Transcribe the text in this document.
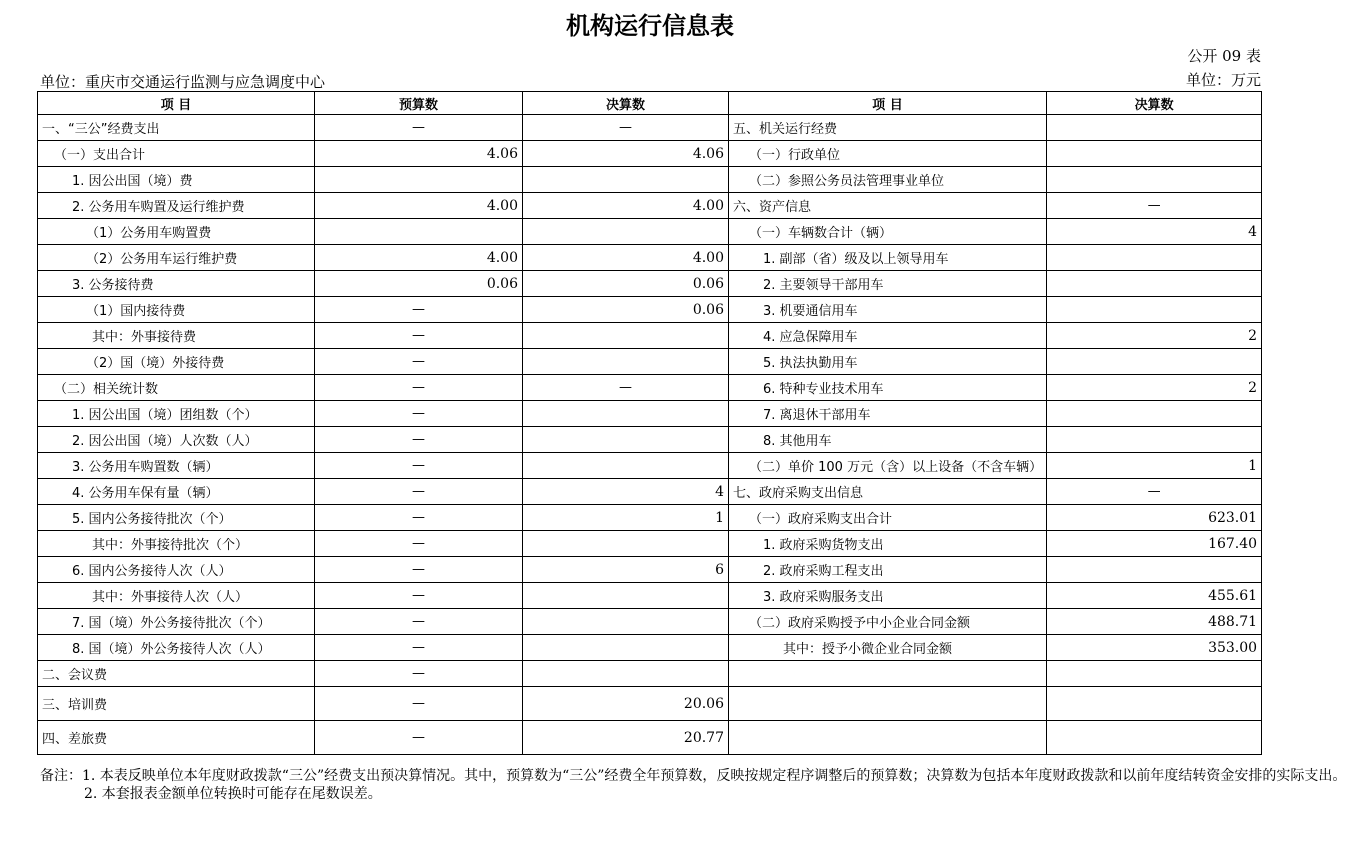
机构运行信息表
公开 09 表
单位：重庆市交通运行监测与应急调度中心	单位：万元
项 目	预算数	决算数	项 目	决算数
一、“三公”经费支出	—	—	五、机关运行经费	
（一）支出合计	4.06	4.06	（一）行政单位	
1. 因公出国（境）费			（二）参照公务员法管理事业单位	
2. 公务用车购置及运行维护费	4.00	4.00	六、资产信息	—
（1）公务用车购置费			（一）车辆数合计（辆）	4
（2）公务用车运行维护费	4.00	4.00	1. 副部（省）级及以上领导用车	
3. 公务接待费	0.06	0.06	2. 主要领导干部用车	
（1）国内接待费	—	0.06	3. 机要通信用车	
其中：外事接待费	—		4. 应急保障用车	2
（2）国（境）外接待费	—		5. 执法执勤用车	
（二）相关统计数	—	—	6. 特种专业技术用车	2
1. 因公出国（境）团组数（个）	—		7. 离退休干部用车	
2. 因公出国（境）人次数（人）	—		8. 其他用车	
3. 公务用车购置数（辆）	—		（二）单价 100 万元（含）以上设备（不含车辆）	1
4. 公务用车保有量（辆）	—	4	七、政府采购支出信息	—
5. 国内公务接待批次（个）	—	1	（一）政府采购支出合计	623.01
其中：外事接待批次（个）	—		1. 政府采购货物支出	167.40
6. 国内公务接待人次（人）	—	6	2. 政府采购工程支出	
其中：外事接待人次（人）	—		3. 政府采购服务支出	455.61
7. 国（境）外公务接待批次（个）	—		（二）政府采购授予中小企业合同金额	488.71
8. 国（境）外公务接待人次（人）	—		其中：授予小微企业合同金额	353.00
二、会议费	—			
三、培训费	—	20.06		
四、差旅费	—	20.77		
备注：1. 本表反映单位本年度财政拨款“三公”经费支出预决算情况。其中，预算数为“三公”经费全年预算数，反映按规定程序调整后的预算数；决算数为包括本年度财政拨款和以前年度结转资金安排的实际支出。
2. 本套报表金额单位转换时可能存在尾数误差。
